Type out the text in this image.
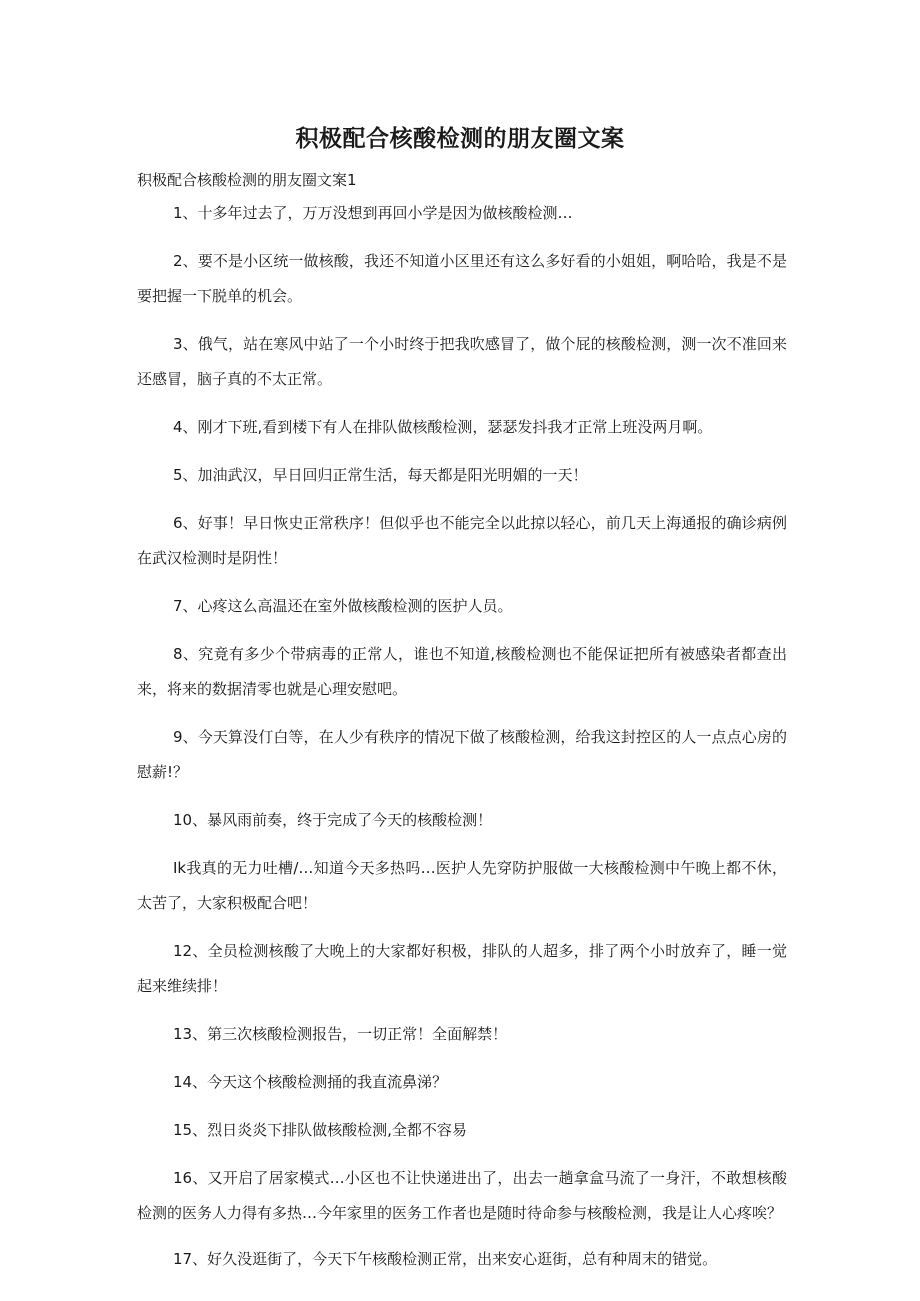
积极配合核酸检测的朋友圈文案

积极配合核酸检测的朋友圈文案1

1、十多年过去了，万万没想到再回小学是因为做核酸检测…

2、要不是小区统一做核酸，我还不知道小区里还有这么多好看的小姐姐，啊哈哈，我是不是要把握一下脱单的机会。

3、俄气，站在寒风中站了一个小时终于把我吹感冒了，做个屁的核酸检测，测一次不准回来还感冒，脑子真的不太正常。

4、刚才下班,看到楼下有人在排队做核酸检测，瑟瑟发抖我才正常上班没两月啊。

5、加油武汉，早日回归正常生活，每天都是阳光明媚的一天！

6、好事！早日恢史正常秩序！但似乎也不能完全以此掠以轻心，前几天上海通报的确诊病例在武汉检测时是阴性！

7、心疼这么高温还在室外做核酸检测的医护人员。

8、究竟有多少个带病毒的正常人，谁也不知道,核酸检测也不能保证把所有被感染者都查出来，将来的数据清零也就是心理安慰吧。

9、今天算没仃白等，在人少有秩序的情况下做了核酸检测，给我这封控区的人一点点心房的慰薪!？

10、暴风雨前奏，终于完成了今天的核酸检测！

Ik我真的无力吐槽/…知道今天多热吗…医护人先穿防护服做一大核酸检测中午晚上都不休，太苦了，大家积极配合吧！

12、全员检测核酸了大晚上的大家都好积极，排队的人超多，排了两个小时放弃了，睡一觉起来维续排！

13、第三次核酸检测报告，一切正常！全面解禁！

14、今天这个核酸检测捅的我直流鼻涕？

15、烈日炎炎下排队做核酸检测,全都不容易

16、又开启了居家模式…小区也不让快递进出了，出去一趟拿盒马流了一身汗，不敢想核酸检测的医务人力得有多热…今年家里的医务工作者也是随时待命参与核酸检测，我是让人心疼唉？

17、好久没逛街了，今天下午核酸检测正常，出来安心逛街，总有种周末的错觉。
